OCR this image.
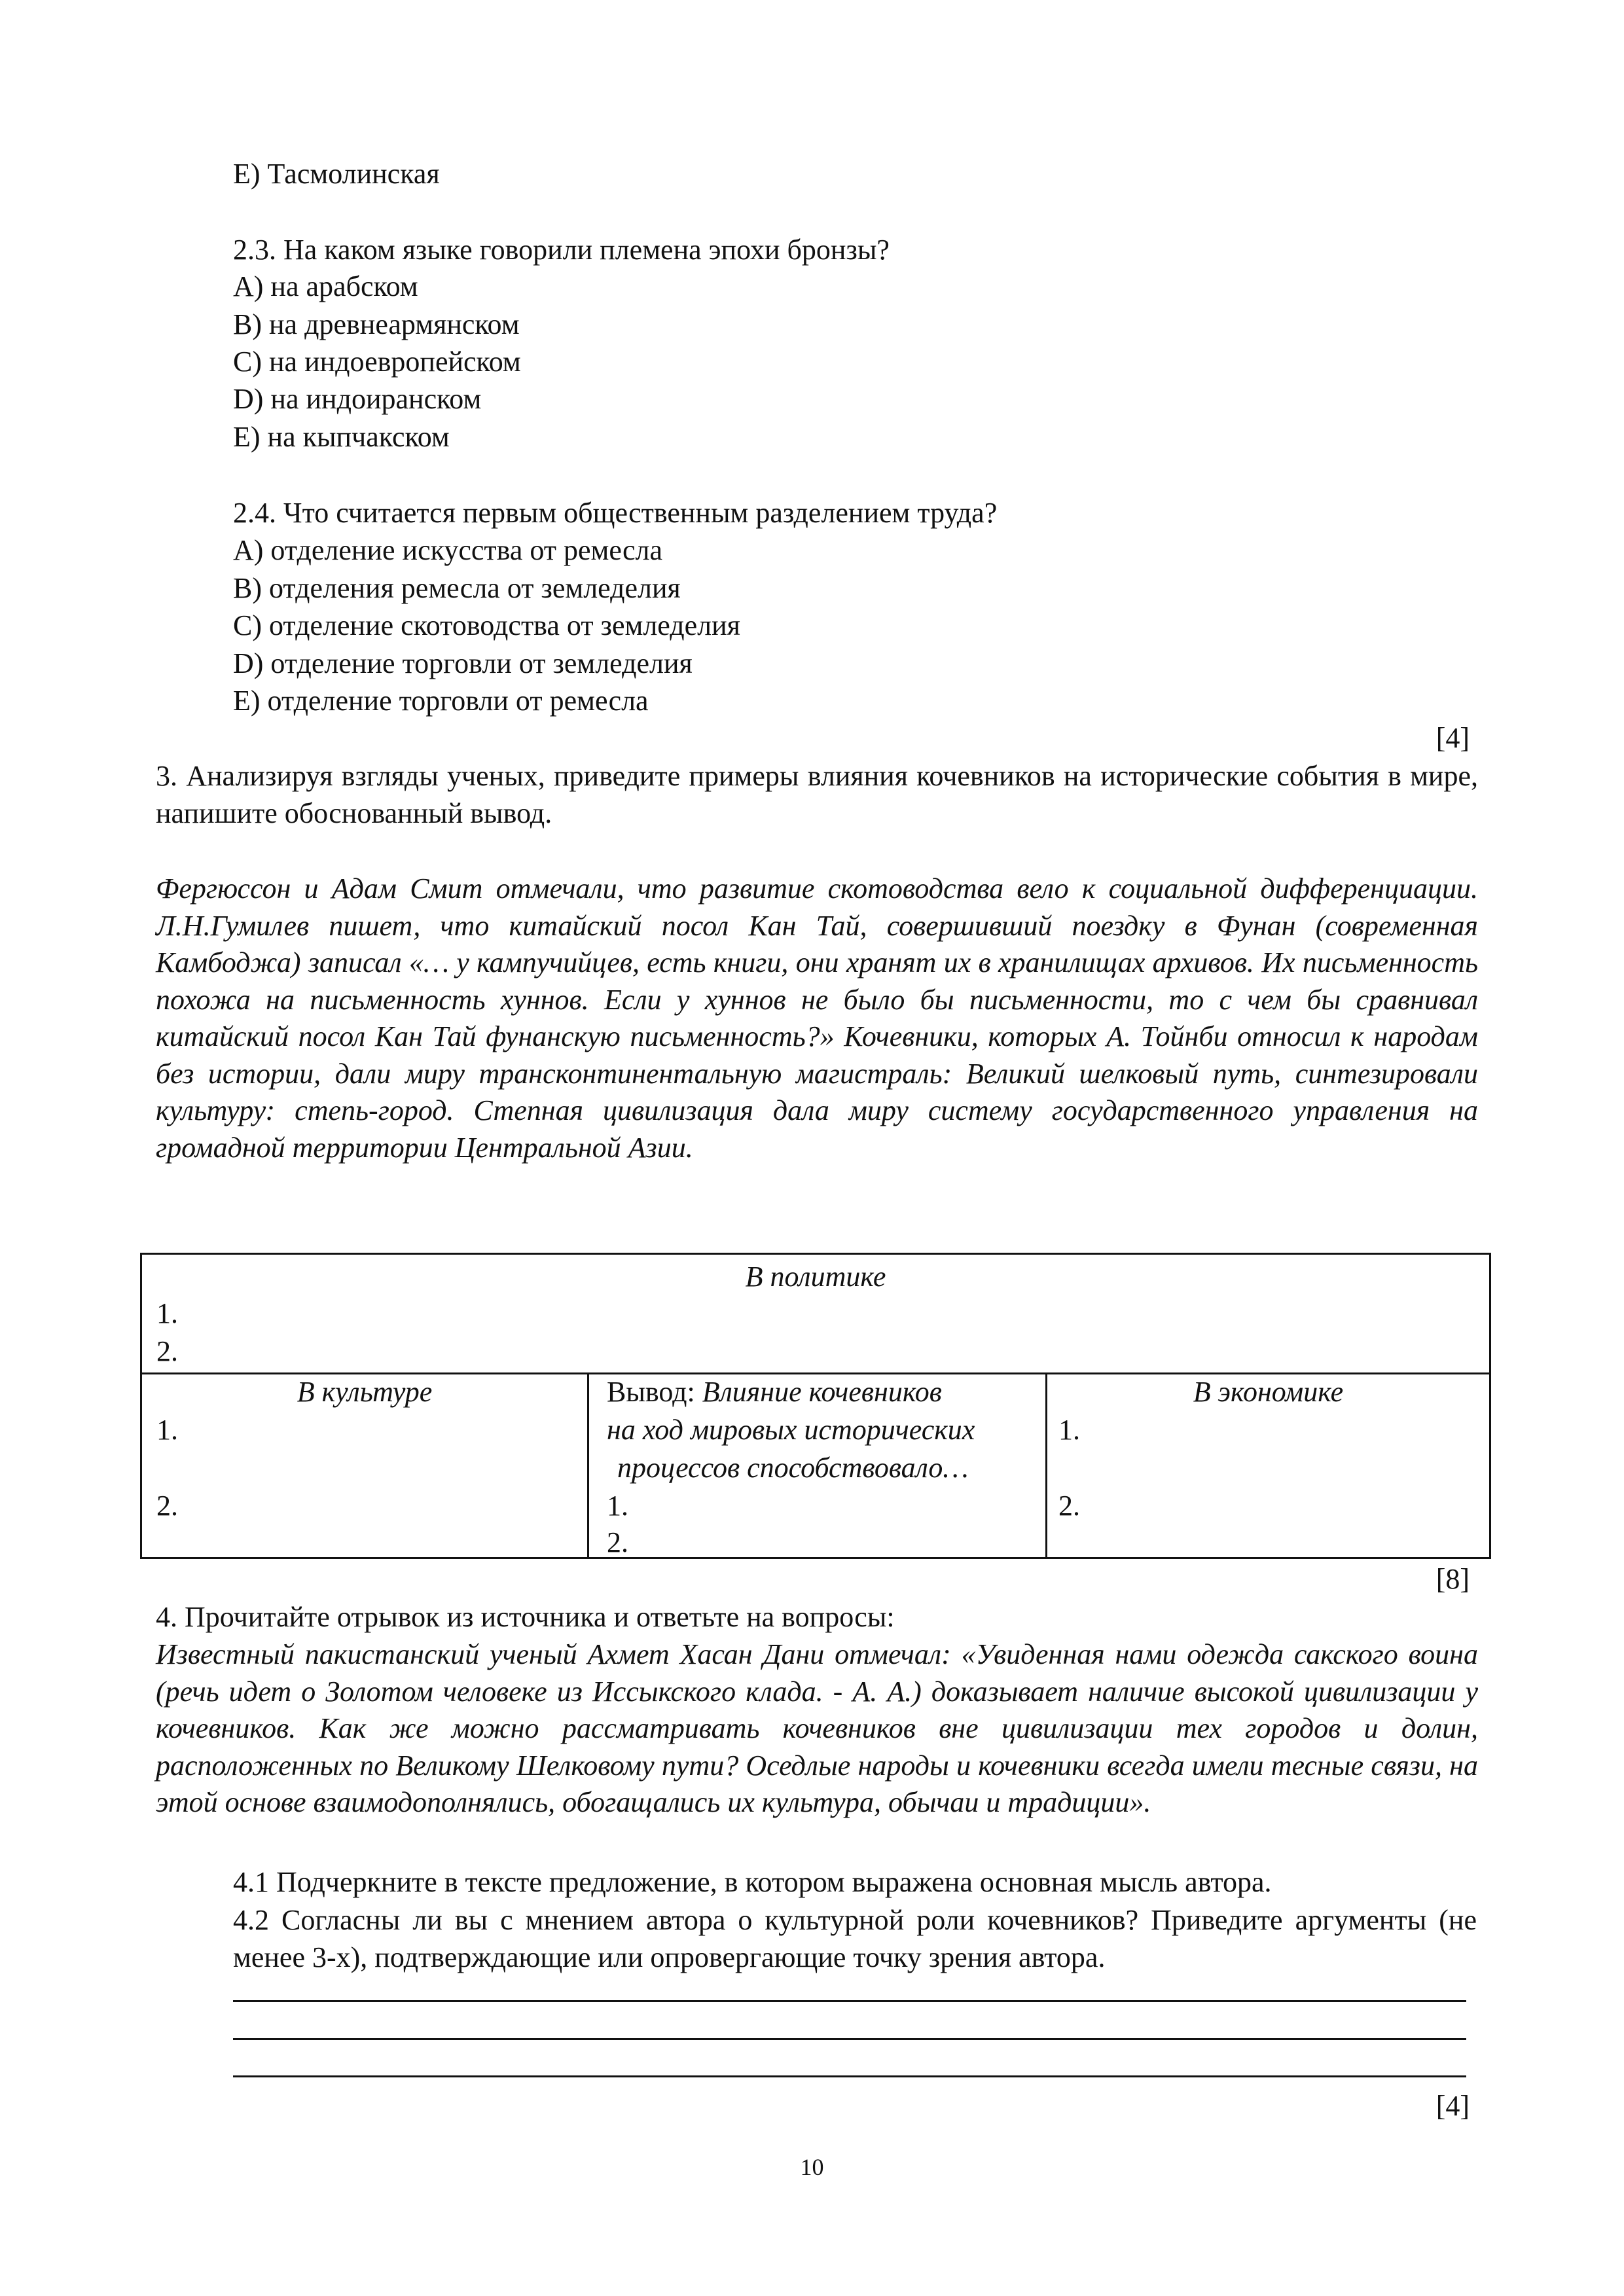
E) Тасмолинская
2.3. На каком языке говорили племена эпохи бронзы?
A) на арабском
B) на древнеармянском
C) на индоевропейском
D) на индоиранском
E) на кыпчакском
2.4. Что считается первым общественным разделением труда?
A) отделение искусства от ремесла
B) отделения ремесла от земледелия
C) отделение скотоводства от земледелия
D) отделение торговли от земледелия
E) отделение торговли от ремесла
[4]
3. Анализируя взгляды ученых, приведите примеры влияния кочевников на исторические события в мире, напишите обоснованный вывод.
Фергюссон и Адам Смит отмечали, что развитие скотоводства вело к социальной дифференциации. Л.Н.Гумилев пишет, что китайский посол Кан Тай, совершивший поездку в Фунан (современная Камбоджа) записал «… у кампучийцев, есть книги, они хранят их в хранилищах архивов. Их письменность похожа на письменность хуннов. Если у хуннов не было бы письменности, то с чем бы сравнивал китайский посол Кан Тай фунанскую письменность?» Кочевники, которых А. Тойнби относил к народам без истории, дали миру трансконтинентальную магистраль: Великий шелковый путь, синтезировали культуру: степь-город. Степная цивилизация дала миру систему государственного управления на громадной территории Центральной Азии.
В политике
1.
2.
В культуре
1.
2.
Вывод: Влияние кочевников
на ход мировых исторических
процессов способствовало…
1.
2.
В экономике
1.
2.
[8]
4. Прочитайте отрывок из источника и ответьте на вопросы:
Известный пакистанский ученый Ахмет Хасан Дани отмечал: «Увиденная нами одежда сакского воина (речь идет о Золотом человеке из Иссыкского клада. - А. А.) доказывает наличие высокой цивилизации у кочевников. Как же можно рассматривать кочевников вне цивилизации тех городов и долин, расположенных по Великому Шелковому пути? Оседлые народы и кочевники всегда имели тесные связи, на этой основе взаимодополнялись, обогащались их культура, обычаи и традиции».
4.1 Подчеркните в тексте предложение, в котором выражена основная мысль автора.
4.2 Согласны ли вы с мнением автора о культурной роли кочевников? Приведите аргументы (не менее 3-х), подтверждающие или опровергающие точку зрения автора.
[4]
10
